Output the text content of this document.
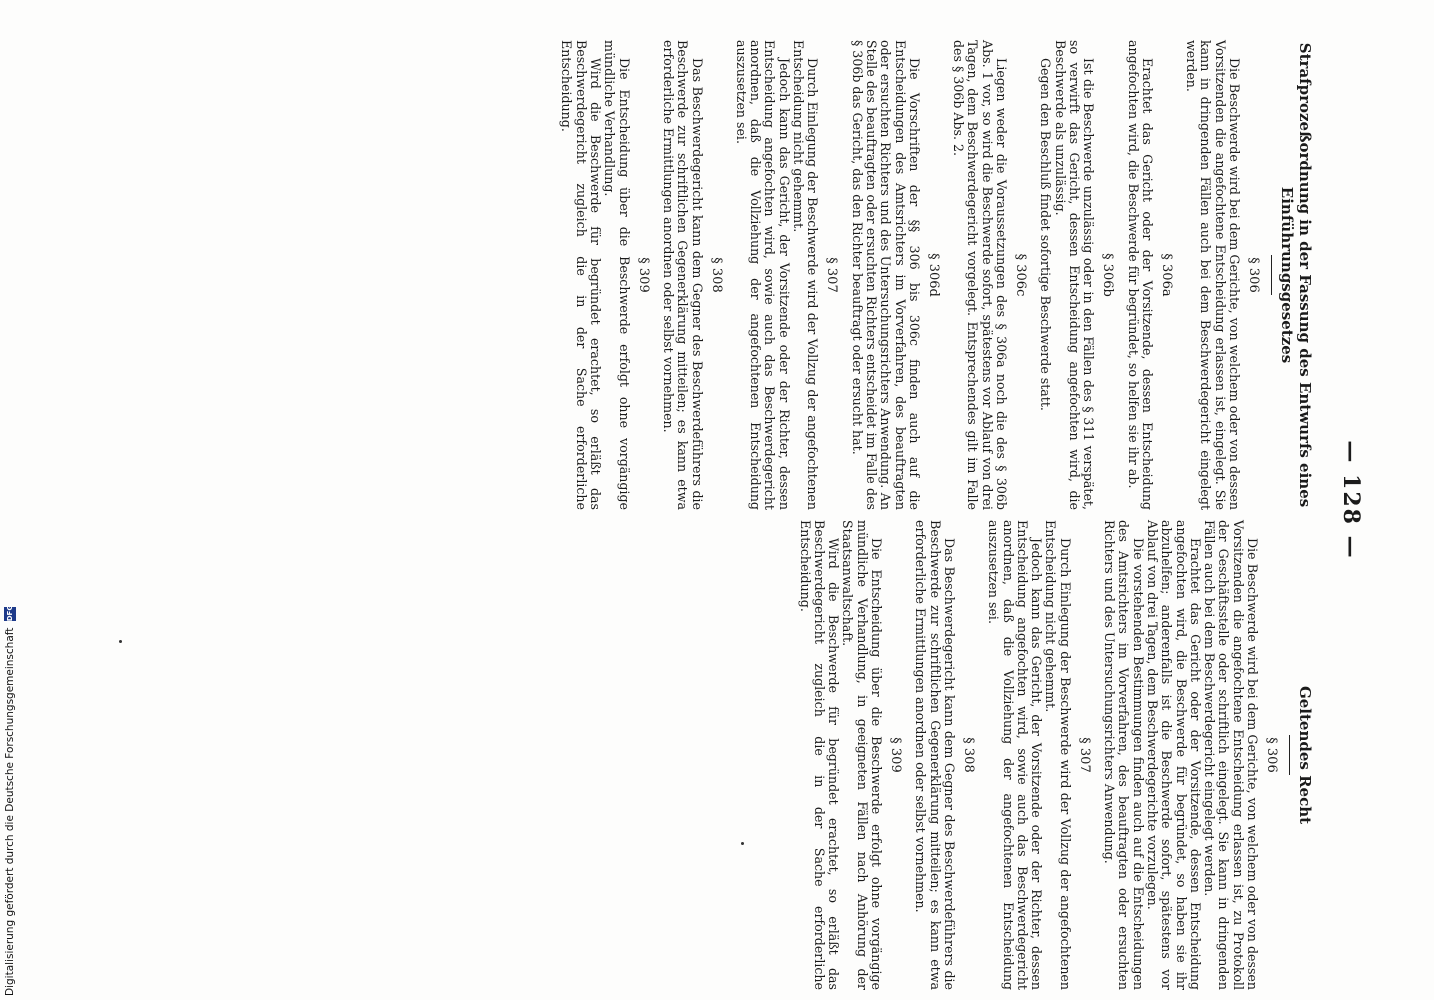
— 128 —
Strafprozeßordnung in der Fassung des Entwurfs eines Einführungsgesetzes
§ 306

Die Beschwerde wird bei dem Gerichte, von welchem oder von dessen Vorsitzenden die angefochtene Entscheidung erlassen ist, eingelegt. Sie kann in dringenden Fällen auch bei dem Beschwerdegericht eingelegt werden.

§ 306a

Erachtet das Gericht oder der Vorsitzende, dessen Entscheidung angefochten wird, die Beschwerde für begründet, so helfen sie ihr ab.

§ 306b

Ist die Beschwerde unzulässig oder in den Fällen des § 311 verspätet, so verwirft das Gericht, dessen Entscheidung angefochten wird, die Beschwerde als unzulässig.

Gegen den Beschluß findet sofortige Beschwerde statt.

§ 306c

Liegen weder die Voraussetzungen des § 306a noch die des § 306b Abs. 1 vor, so wird die Beschwerde sofort, spätestens vor Ablauf von drei Tagen, dem Beschwerdegericht vorgelegt. Entsprechendes gilt im Falle des § 306b Abs. 2.

§ 306d

Die Vorschriften der §§ 306 bis 306c finden auch auf die Entscheidungen des Amtsrichters im Vorverfahren, des beauftragten oder ersuchten Richters und des Untersuchungsrichters Anwendung. An Stelle des beauftragten oder ersuchten Richters entscheidet im Falle des § 306b das Gericht, das den Richter beauftragt oder ersucht hat.

§ 307

Durch Einlegung der Beschwerde wird der Vollzug der angefochtenen Entscheidung nicht gehemmt.

Jedoch kann das Gericht, der Vorsitzende oder der Richter, dessen Entscheidung angefochten wird, sowie auch das Beschwerdegericht anordnen, daß die Vollziehung der angefochtenen Entscheidung auszusetzen sei.

§ 308

Das Beschwerdegericht kann dem Gegner des Beschwerdeführers die Beschwerde zur schriftlichen Gegenerklärung mitteilen; es kann etwa erforderliche Ermittlungen anordnen oder selbst vornehmen.

§ 309

Die Entscheidung über die Beschwerde erfolgt ohne vorgängige mündliche Verhandlung.

Wird die Beschwerde für begründet erachtet, so erläßt das Beschwerdegericht zugleich die in der Sache erforderliche Entscheidung.

Geltendes Recht
§ 306

Die Beschwerde wird bei dem Gerichte, von welchem oder von dessen Vorsitzenden die angefochtene Entscheidung erlassen ist, zu Protokoll der Geschäftsstelle oder schriftlich eingelegt. Sie kann in dringenden Fällen auch bei dem Beschwerdegericht eingelegt werden.

Erachtet das Gericht oder der Vorsitzende, dessen Entscheidung angefochten wird, die Beschwerde für begründet, so haben sie ihr abzuhelfen; anderenfalls ist die Beschwerde sofort, spätestens vor Ablauf von drei Tagen, dem Beschwerdegerichte vorzulegen.

Die vorstehenden Bestimmungen finden auch auf die Entscheidungen des Amtsrichters im Vorverfahren, des beauftragten oder ersuchten Richters und des Untersuchungsrichters Anwendung.

§ 307

Durch Einlegung der Beschwerde wird der Vollzug der angefochtenen Entscheidung nicht gehemmt.

Jedoch kann das Gericht, der Vorsitzende oder der Richter, dessen Entscheidung angefochten wird, sowie auch das Beschwerdegericht anordnen, daß die Vollziehung der angefochtenen Entscheidung auszusetzen sei.

§ 308

Das Beschwerdegericht kann dem Gegner des Beschwerdeführers die Beschwerde zur schriftlichen Gegenerklärung mitteilen; es kann etwa erforderliche Ermittlungen anordnen oder selbst vornehmen.

§ 309

Die Entscheidung über die Beschwerde erfolgt ohne vorgängige mündliche Verhandlung, in geeigneten Fällen nach Anhörung der Staatsanwaltschaft.

Wird die Beschwerde für begründet erachtet, so erläßt das Beschwerdegericht zugleich die in der Sache erforderliche Entscheidung.

Digitalisierung gefördert durch die Deutsche Forschungsgemeinschaft DFG
